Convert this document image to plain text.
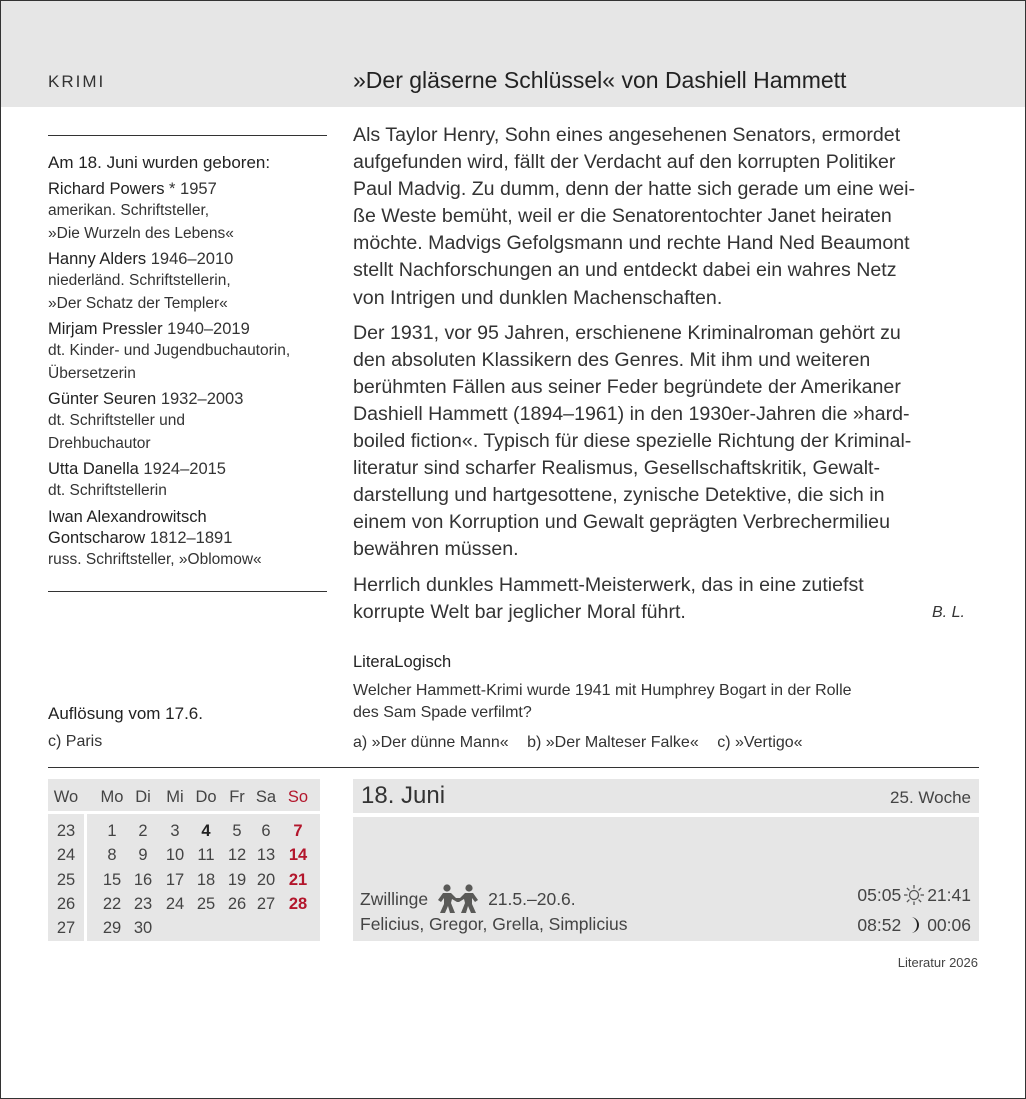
KRIMI	»Der gläserne Schlüssel« von Dashiell Hammett
Am 18. Juni wurden geboren:
Richard Powers * 1957
amerikan. Schriftsteller,
»Die Wurzeln des Lebens«
Hanny Alders 1946–2010
niederländ. Schriftstellerin,
»Der Schatz der Templer«
Mirjam Pressler 1940–2019
dt. Kinder- und Jugendbuchautorin,
Übersetzerin
Günter Seuren 1932–2003
dt. Schriftsteller und
Drehbuchautor
Utta Danella 1924–2015
dt. Schriftstellerin
Iwan Alexandrowitsch
Gontscharow 1812–1891
russ. Schriftsteller, »Oblomow«

Als Taylor Henry, Sohn eines angesehenen Senators, ermordet
aufgefunden wird, fällt der Verdacht auf den korrupten Politiker
Paul Madvig. Zu dumm, denn der hatte sich gerade um eine wei-
ße Weste bemüht, weil er die Senatorentochter Janet heiraten
möchte. Madvigs Gefolgsmann und rechte Hand Ned Beaumont
stellt Nachforschungen an und entdeckt dabei ein wahres Netz
von Intrigen und dunklen Machenschaften.

Der 1931, vor 95 Jahren, erschienene Kriminalroman gehört zu
den absoluten Klassikern des Genres. Mit ihm und weiteren
berühmten Fällen aus seiner Feder begründete der Amerikaner
Dashiell Hammett (1894–1961) in den 1930er-Jahren die »hard-
boiled fiction«. Typisch für diese spezielle Richtung der Kriminal-
literatur sind scharfer Realismus, Gesellschaftskritik, Gewalt-
darstellung und hartgesottene, zynische Detektive, die sich in
einem von Korruption und Gewalt geprägten Verbrechermilieu
bewähren müssen.

Herrlich dunkles Hammett-Meisterwerk, das in eine zutiefst
korrupte Welt bar jeglicher Moral führt.	B. L.
LiteraLogisch
Welcher Hammett-Krimi wurde 1941 mit Humphrey Bogart in der Rolle
des Sam Spade verfilmt?
a) »Der dünne Mann« b) »Der Malteser Falke« c) »Vertigo«
Auflösung vom 17.6.
c) Paris
Wo	Mo Di Mi Do Fr Sa So
23	1	2	3	4	5	6	7
24	8	9	10 11 12 13 14
25	15 16 17 18 19 20 21
26	22 23 24 25 26 27 28
27	29 30
18. Juni	25. Woche
Zwillinge	21.5.–20.6.
Felicius, Gregor, Grella, Simplicius
05:05 21:41
08:52 00:06
Literatur 2026
